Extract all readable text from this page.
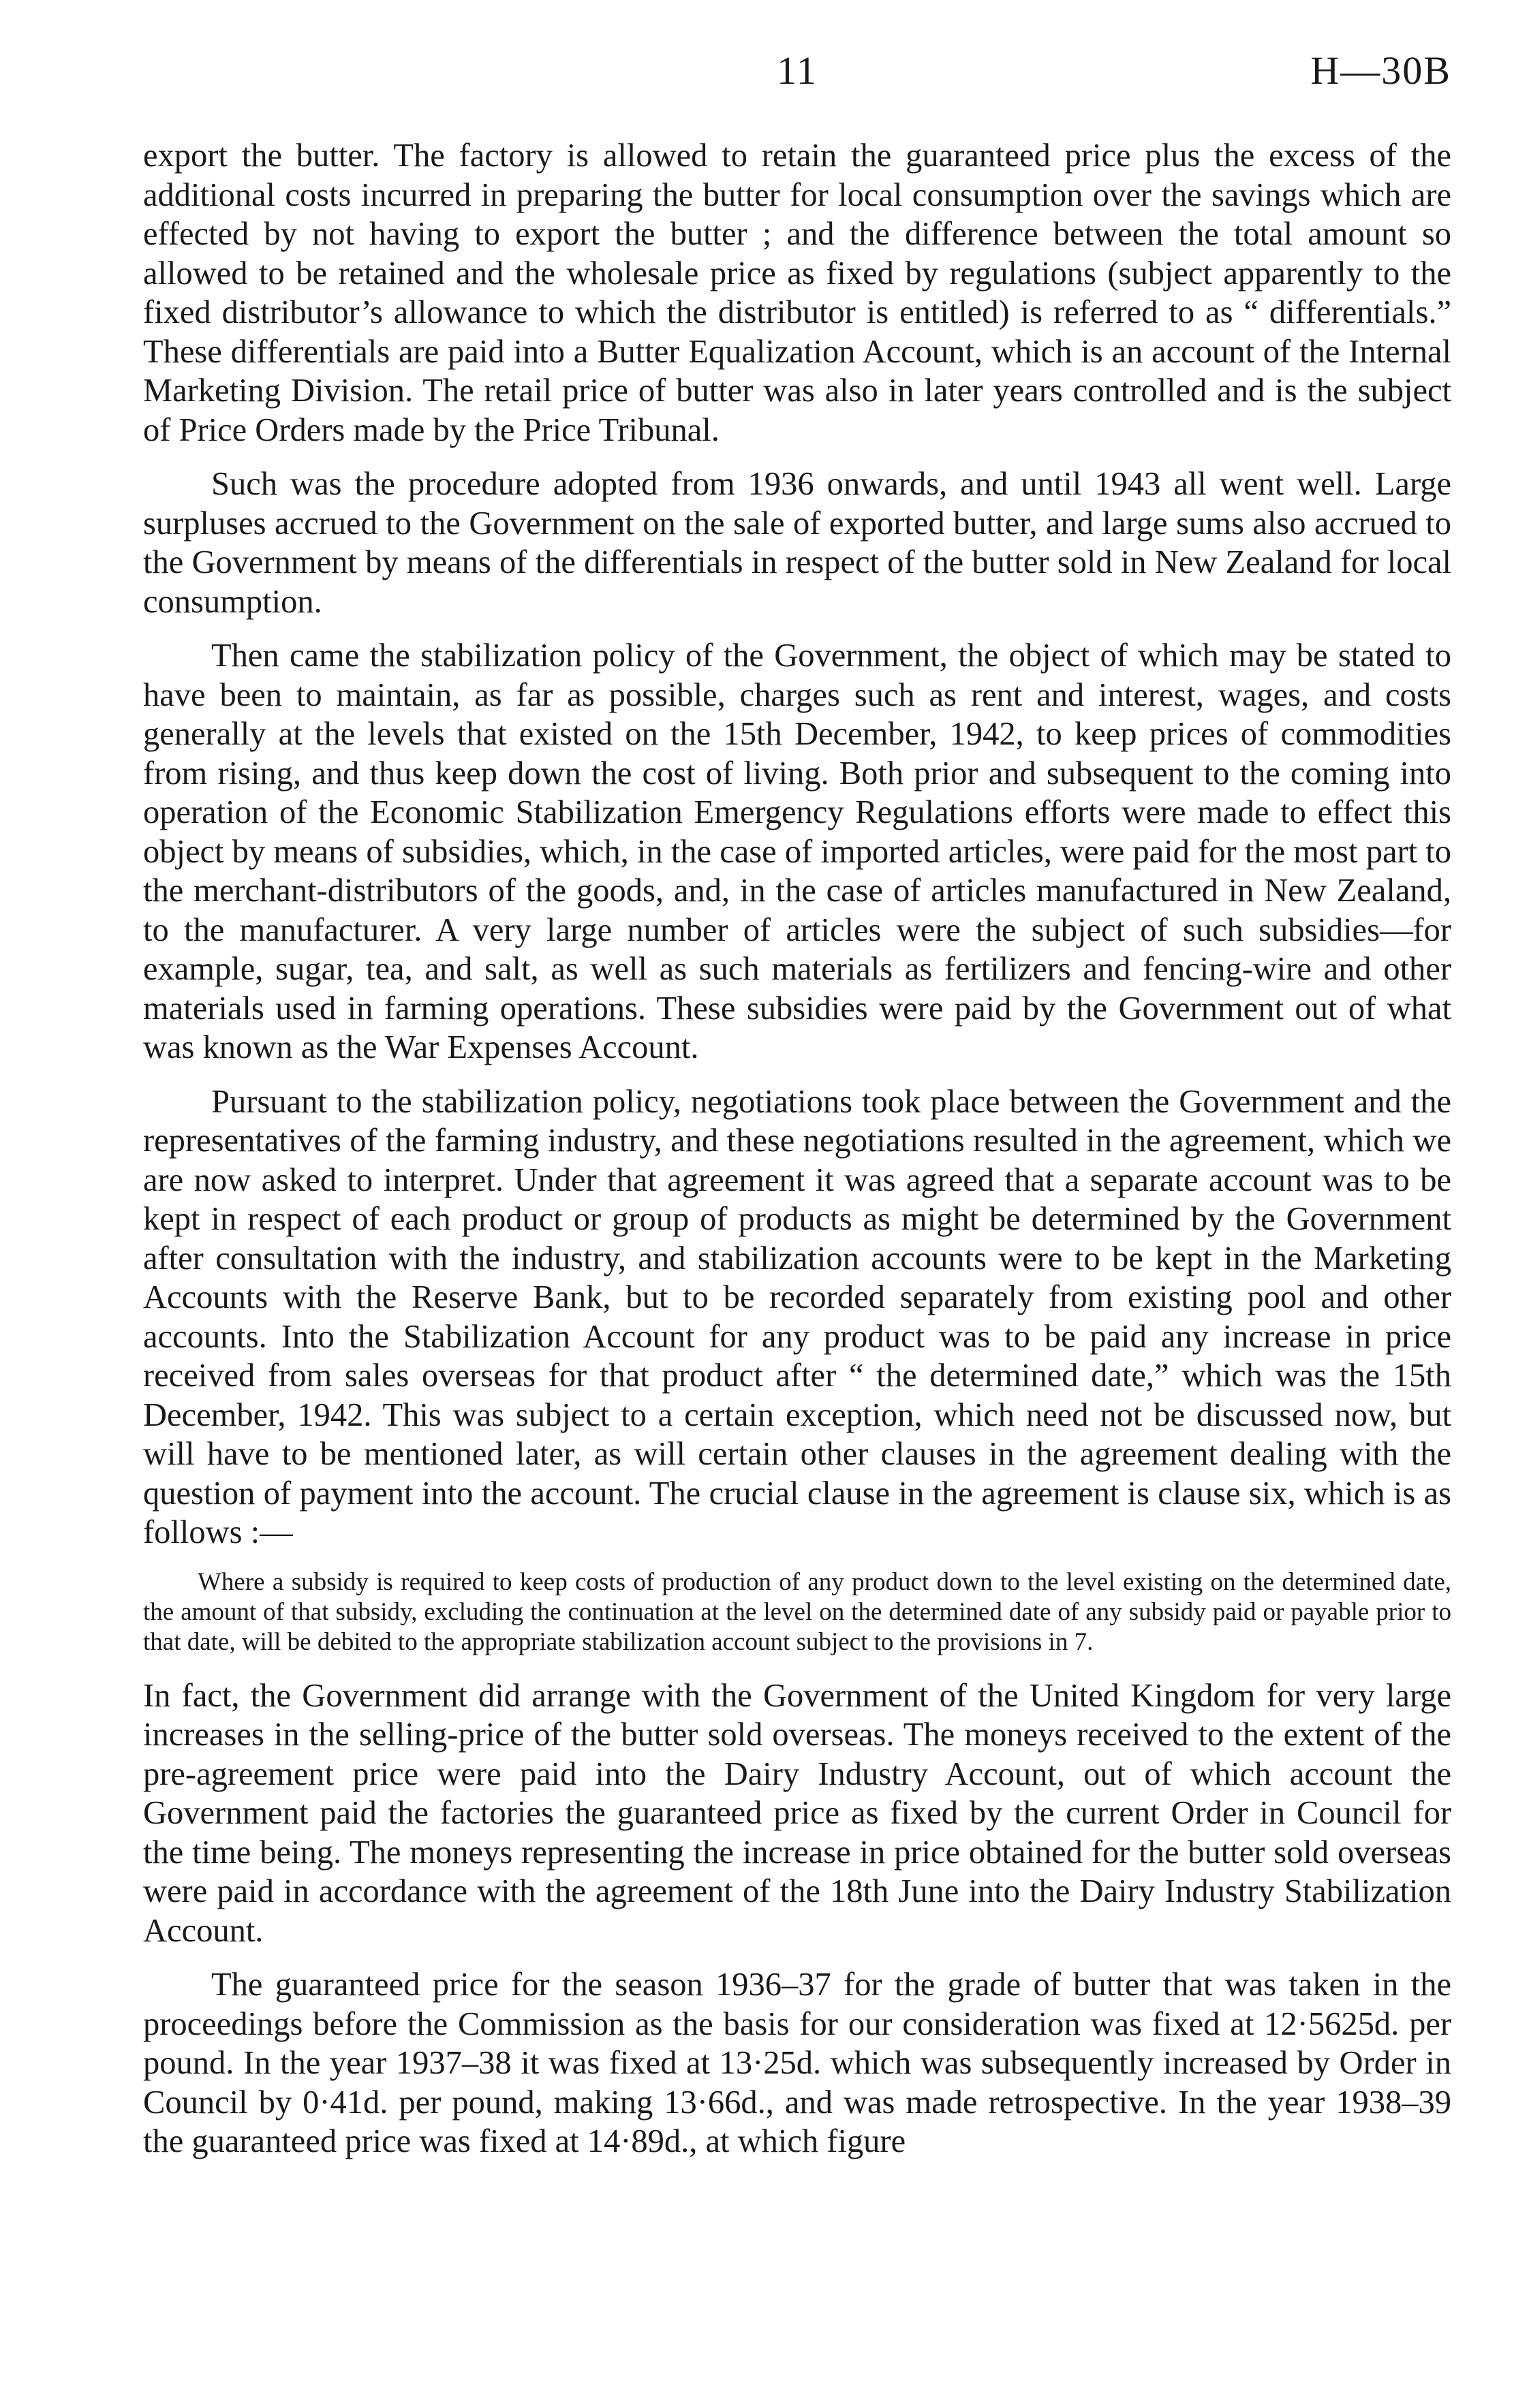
11	H—30B

export the butter. The factory is allowed to retain the guaranteed price plus the excess of the additional costs incurred in preparing the butter for local consumption over the savings which are effected by not having to export the butter ; and the difference between the total amount so allowed to be retained and the wholesale price as fixed by regulations (subject apparently to the fixed distributor’s allowance to which the distributor is entitled) is referred to as “ differentials.” These differentials are paid into a Butter Equalization Account, which is an account of the Internal Marketing Division. The retail price of butter was also in later years controlled and is the subject of Price Orders made by the Price Tribunal.

Such was the procedure adopted from 1936 onwards, and until 1943 all went well. Large surpluses accrued to the Government on the sale of exported butter, and large sums also accrued to the Government by means of the differentials in respect of the butter sold in New Zealand for local consumption.

Then came the stabilization policy of the Government, the object of which may be stated to have been to maintain, as far as possible, charges such as rent and interest, wages, and costs generally at the levels that existed on the 15th December, 1942, to keep prices of commodities from rising, and thus keep down the cost of living. Both prior and subsequent to the coming into operation of the Economic Stabilization Emergency Regulations efforts were made to effect this object by means of subsidies, which, in the case of imported articles, were paid for the most part to the merchant-distributors of the goods, and, in the case of articles manufactured in New Zealand, to the manufacturer. A very large number of articles were the subject of such subsidies—for example, sugar, tea, and salt, as well as such materials as fertilizers and fencing-wire and other materials used in farming operations. These subsidies were paid by the Government out of what was known as the War Expenses Account.

Pursuant to the stabilization policy, negotiations took place between the Government and the representatives of the farming industry, and these negotiations resulted in the agreement, which we are now asked to interpret. Under that agreement it was agreed that a separate account was to be kept in respect of each product or group of products as might be determined by the Government after consultation with the industry, and stabilization accounts were to be kept in the Marketing Accounts with the Reserve Bank, but to be recorded separately from existing pool and other accounts. Into the Stabilization Account for any product was to be paid any increase in price received from sales overseas for that product after “ the determined date,” which was the 15th December, 1942. This was subject to a certain exception, which need not be discussed now, but will have to be mentioned later, as will certain other clauses in the agreement dealing with the question of payment into the account. The crucial clause in the agreement is clause six, which is as follows :—

Where a subsidy is required to keep costs of production of any product down to the level existing on the determined date, the amount of that subsidy, excluding the continuation at the level on the determined date of any subsidy paid or payable prior to that date, will be debited to the appropriate stabilization account subject to the provisions in 7.

In fact, the Government did arrange with the Government of the United Kingdom for very large increases in the selling-price of the butter sold overseas. The moneys received to the extent of the pre-agreement price were paid into the Dairy Industry Account, out of which account the Government paid the factories the guaranteed price as fixed by the current Order in Council for the time being. The moneys representing the increase in price obtained for the butter sold overseas were paid in accordance with the agreement of the 18th June into the Dairy Industry Stabilization Account.

The guaranteed price for the season 1936–37 for the grade of butter that was taken in the proceedings before the Commission as the basis for our consideration was fixed at 12·5625d. per pound. In the year 1937–38 it was fixed at 13·25d. which was subsequently increased by Order in Council by 0·41d. per pound, making 13·66d., and was made retrospective. In the year 1938–39 the guaranteed price was fixed at 14·89d., at which figure
